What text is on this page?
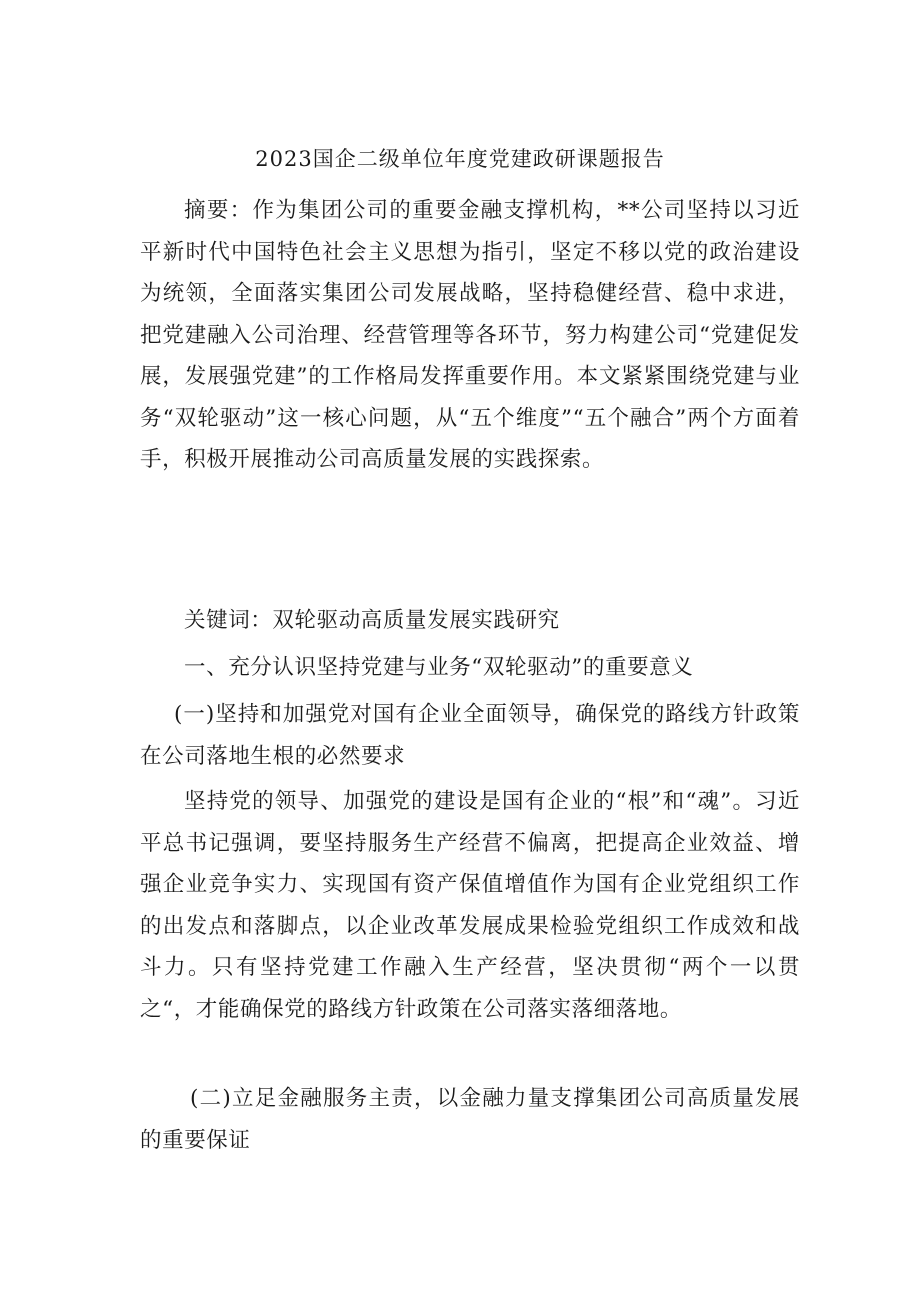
2023国企二级单位年度党建政研课题报告

摘要：作为集团公司的重要金融支撑机构，**公司坚持以习近平新时代中国特色社会主义思想为指引，坚定不移以党的政治建设为统领，全面落实集团公司发展战略，坚持稳健经营、稳中求进，把党建融入公司治理、经营管理等各环节，努力构建公司“党建促发展，发展强党建”的工作格局发挥重要作用。本文紧紧围绕党建与业务“双轮驱动”这一核心问题，从“五个维度”“五个融合”两个方面着手，积极开展推动公司高质量发展的实践探索。

关键词：双轮驱动高质量发展实践研究

一、充分认识坚持党建与业务“双轮驱动”的重要意义

(一)坚持和加强党对国有企业全面领导，确保党的路线方针政策在公司落地生根的必然要求

坚持党的领导、加强党的建设是国有企业的“根”和“魂”。习近平总书记强调，要坚持服务生产经营不偏离，把提高企业效益、增强企业竞争实力、实现国有资产保值增值作为国有企业党组织工作的出发点和落脚点，以企业改革发展成果检验党组织工作成效和战斗力。只有坚持党建工作融入生产经营，坚决贯彻“两个一以贯之“，才能确保党的路线方针政策在公司落实落细落地。

(二)立足金融服务主责，以金融力量支撑集团公司高质量发展的重要保证
